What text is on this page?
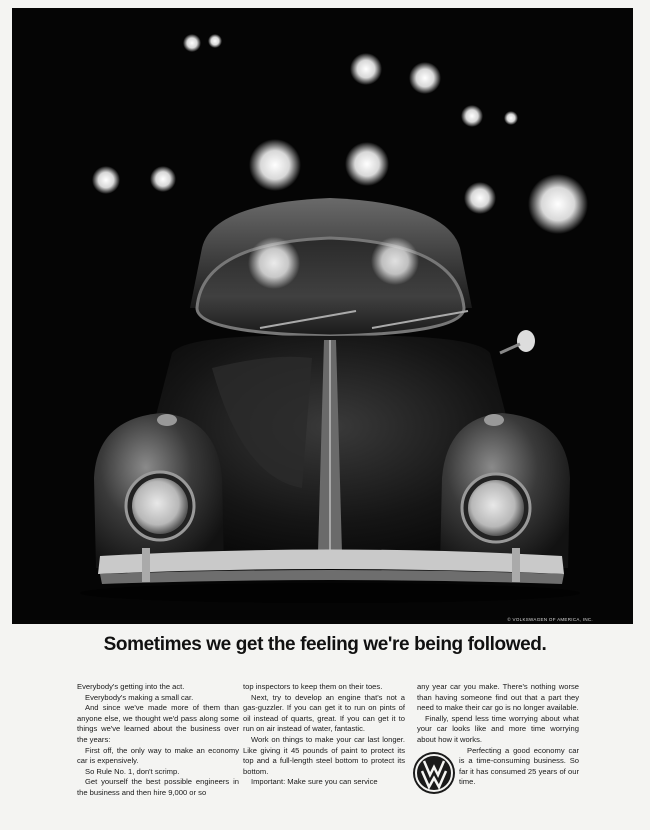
© VOLKSWAGEN OF AMERICA, INC.
Sometimes we get the feeling we're being followed.

Everybody's getting into the act.

Everybody's making a small car.

And since we've made more of them than anyone else, we thought we'd pass along some things we've learned about the business over the years:

First off, the only way to make an economy car is expensively.

So Rule No. 1, don't scrimp.

Get yourself the best possible engineers in the business and then hire 9,000 or so

top inspectors to keep them on their toes.

Next, try to develop an engine that's not a gas-guzzler. If you can get it to run on pints of oil instead of quarts, great. If you can get it to run on air instead of water, fantastic.

Work on things to make your car last longer. Like giving it 45 pounds of paint to protect its top and a full-length steel bottom to protect its bottom.

Important: Make sure you can service

any year car you make. There's nothing worse than having someone find out that a part they need to make their car go is no longer available.

Finally, spend less time worrying about what your car looks like and more time worrying about how it works.

Perfecting a good economy car is a time-consuming business. So far it has consumed 25 years of our time.
